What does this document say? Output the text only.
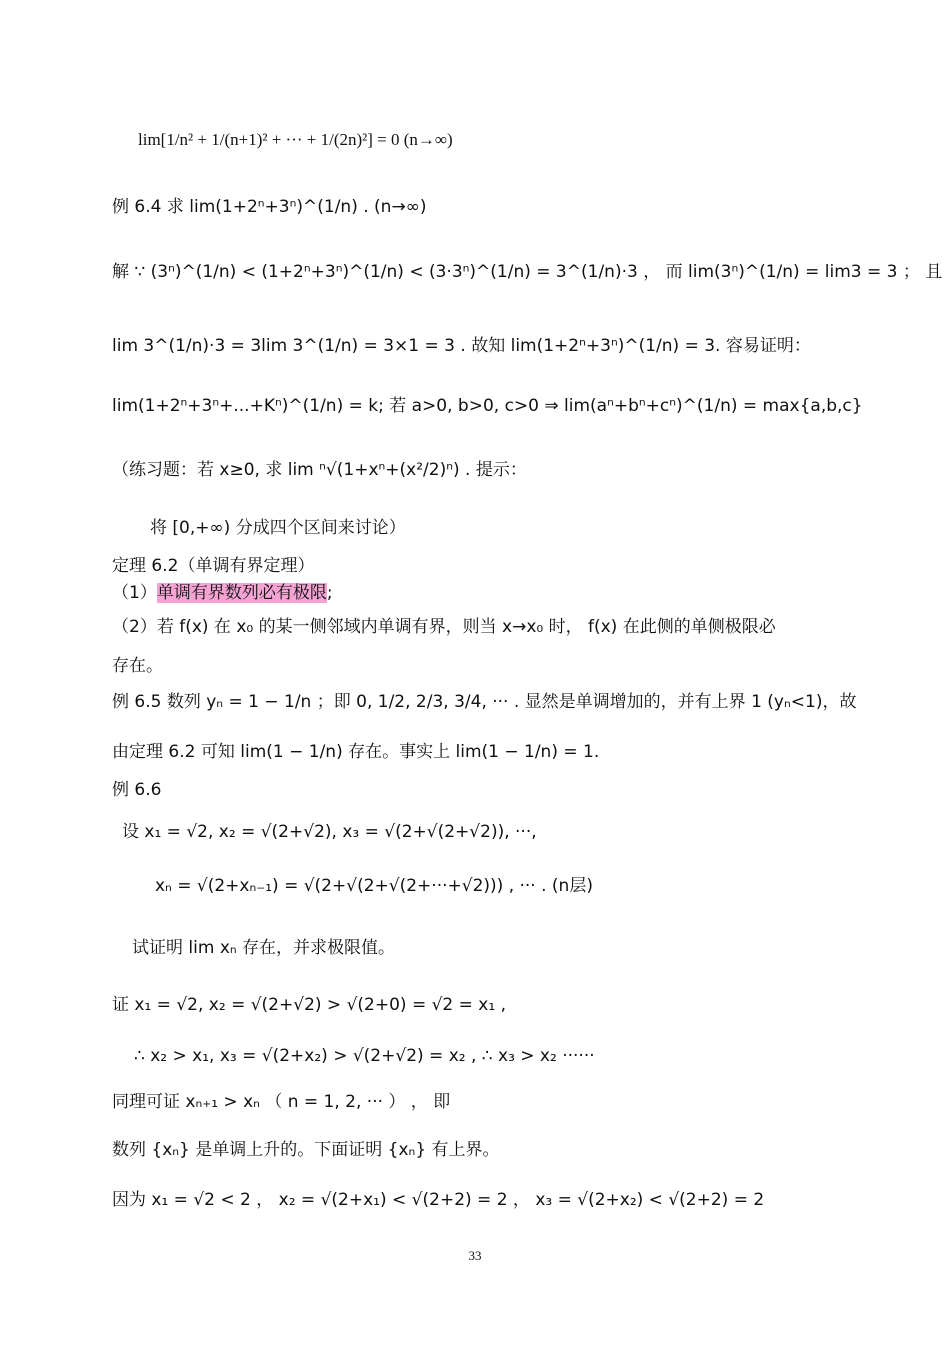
lim[1/n² + 1/(n+1)² + ··· + 1/(2n)²] = 0 (n→∞)
例 6.4 求 lim(1+2ⁿ+3ⁿ)^(1/n) . (n→∞)
解 ∵ (3ⁿ)^(1/n) < (1+2ⁿ+3ⁿ)^(1/n) < (3·3ⁿ)^(1/n) = 3^(1/n)·3 ， 而 lim(3ⁿ)^(1/n) = lim3 = 3 ； 且
lim 3^(1/n)·3 = 3lim 3^(1/n) = 3×1 = 3 . 故知 lim(1+2ⁿ+3ⁿ)^(1/n) = 3. 容易证明：
lim(1+2ⁿ+3ⁿ+...+Kⁿ)^(1/n) = k; 若 a>0, b>0, c>0 ⇒ lim(aⁿ+bⁿ+cⁿ)^(1/n) = max{a,b,c}
（练习题：若 x≥0, 求 lim ⁿ√(1+xⁿ+(x²/2)ⁿ) . 提示：
将 [0,+∞) 分成四个区间来讨论）
定理 6.2（单调有界定理）
（1）单调有界数列必有极限;
（2）若 f(x) 在 x₀ 的某一侧邻域内单调有界，则当 x→x₀ 时， f(x) 在此侧的单侧极限必
存在。
例 6.5 数列 yₙ = 1 − 1/n ；即 0, 1/2, 2/3, 3/4, ··· . 显然是单调增加的，并有上界 1 (yₙ<1)，故
由定理 6.2 可知 lim(1 − 1/n) 存在。事实上 lim(1 − 1/n) = 1.
例 6.6
设 x₁ = √2, x₂ = √(2+√2), x₃ = √(2+√(2+√2)), ···,
xₙ = √(2+xₙ₋₁) = √(2+√(2+√(2+···+√2))) , ··· . (n层)
试证明 lim xₙ 存在，并求极限值。
证 x₁ = √2, x₂ = √(2+√2) > √(2+0) = √2 = x₁ ,
∴ x₂ > x₁, x₃ = √(2+x₂) > √(2+√2) = x₂ , ∴ x₃ > x₂ ······
同理可证 xₙ₊₁ > xₙ （ n = 1, 2, ··· ） ， 即
数列 {xₙ} 是单调上升的。下面证明 {xₙ} 有上界。
因为 x₁ = √2 < 2 ， x₂ = √(2+x₁) < √(2+2) = 2 ， x₃ = √(2+x₂) < √(2+2) = 2
33
